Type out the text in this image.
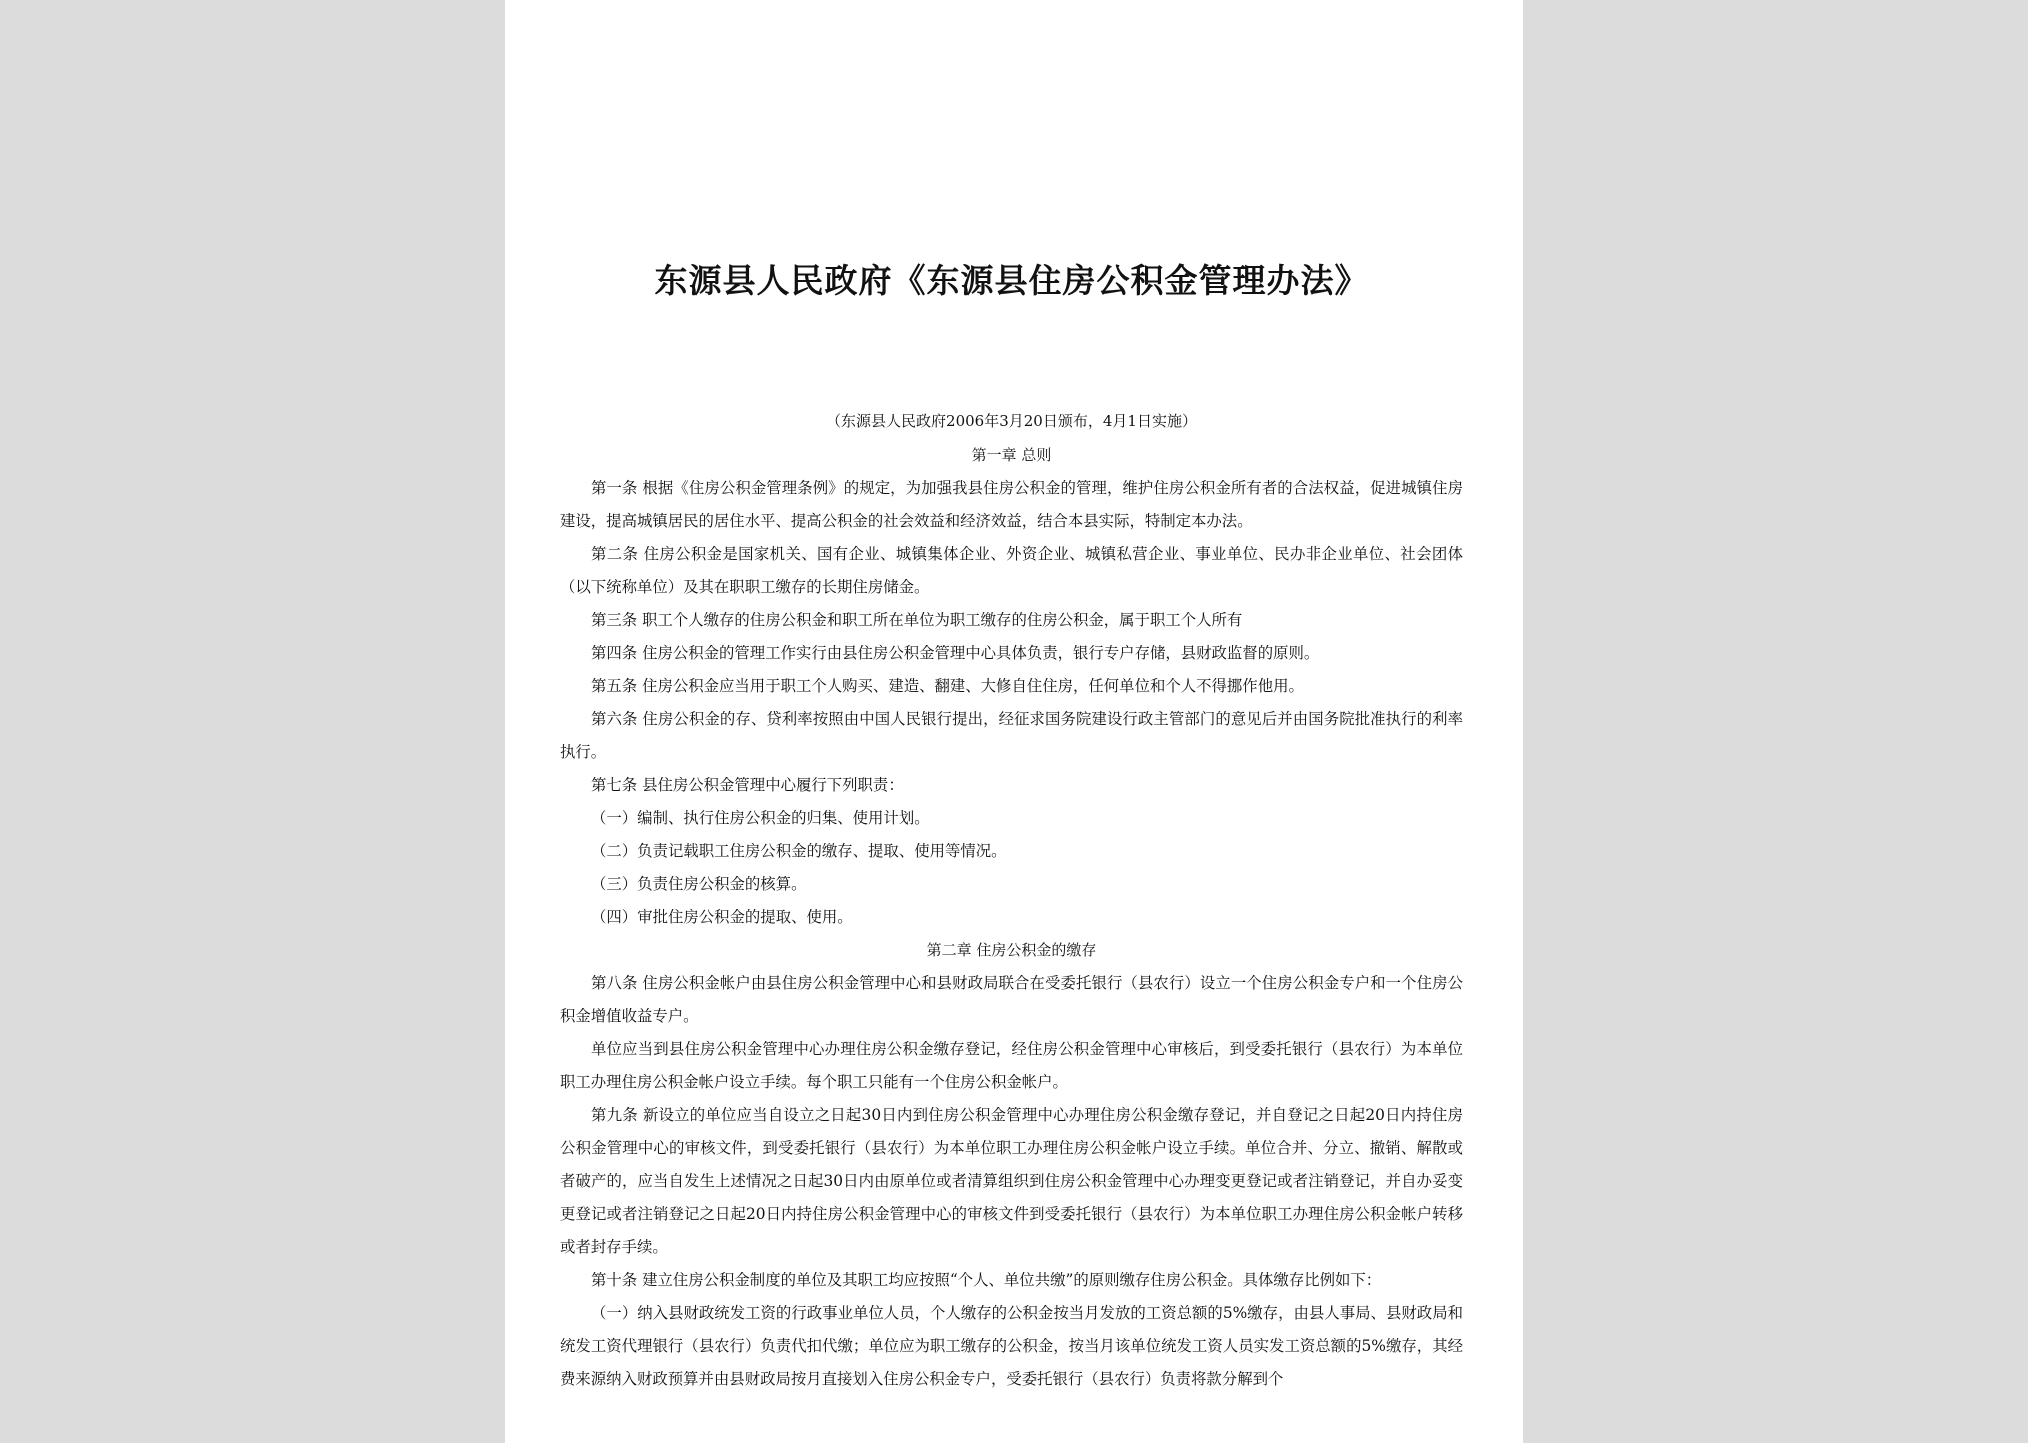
东源县人民政府《东源县住房公积金管理办法》
（东源县人民政府2006年3月20日颁布，4月1日实施）
第一章 总则

第一条 根据《住房公积金管理条例》的规定，为加强我县住房公积金的管理，维护住房公积金所有者的合法权益，促进城镇住房建设，提高城镇居民的居住水平、提高公积金的社会效益和经济效益，结合本县实际，特制定本办法。

第二条 住房公积金是国家机关、国有企业、城镇集体企业、外资企业、城镇私营企业、事业单位、民办非企业单位、社会团体（以下统称单位）及其在职职工缴存的长期住房储金。

第三条 职工个人缴存的住房公积金和职工所在单位为职工缴存的住房公积金，属于职工个人所有

第四条 住房公积金的管理工作实行由县住房公积金管理中心具体负责，银行专户存储，县财政监督的原则。

第五条 住房公积金应当用于职工个人购买、建造、翻建、大修自住住房，任何单位和个人不得挪作他用。

第六条 住房公积金的存、贷利率按照由中国人民银行提出，经征求国务院建设行政主管部门的意见后并由国务院批准执行的利率执行。

第七条 县住房公积金管理中心履行下列职责：

（一）编制、执行住房公积金的归集、使用计划。

（二）负责记载职工住房公积金的缴存、提取、使用等情况。

（三）负责住房公积金的核算。

（四）审批住房公积金的提取、使用。

第二章 住房公积金的缴存

第八条 住房公积金帐户由县住房公积金管理中心和县财政局联合在受委托银行（县农行）设立一个住房公积金专户和一个住房公积金增值收益专户。

单位应当到县住房公积金管理中心办理住房公积金缴存登记，经住房公积金管理中心审核后，到受委托银行（县农行）为本单位职工办理住房公积金帐户设立手续。每个职工只能有一个住房公积金帐户。

第九条 新设立的单位应当自设立之日起30日内到住房公积金管理中心办理住房公积金缴存登记，并自登记之日起20日内持住房公积金管理中心的审核文件，到受委托银行（县农行）为本单位职工办理住房公积金帐户设立手续。单位合并、分立、撤销、解散或者破产的，应当自发生上述情况之日起30日内由原单位或者清算组织到住房公积金管理中心办理变更登记或者注销登记，并自办妥变更登记或者注销登记之日起20日内持住房公积金管理中心的审核文件到受委托银行（县农行）为本单位职工办理住房公积金帐户转移或者封存手续。

第十条 建立住房公积金制度的单位及其职工均应按照“个人、单位共缴”的原则缴存住房公积金。具体缴存比例如下：

（一）纳入县财政统发工资的行政事业单位人员，个人缴存的公积金按当月发放的工资总额的5%缴存，由县人事局、县财政局和统发工资代理银行（县农行）负责代扣代缴；单位应为职工缴存的公积金，按当月该单位统发工资人员实发工资总额的5%缴存，其经费来源纳入财政预算并由县财政局按月直接划入住房公积金专户，受委托银行（县农行）负责将款分解到个
